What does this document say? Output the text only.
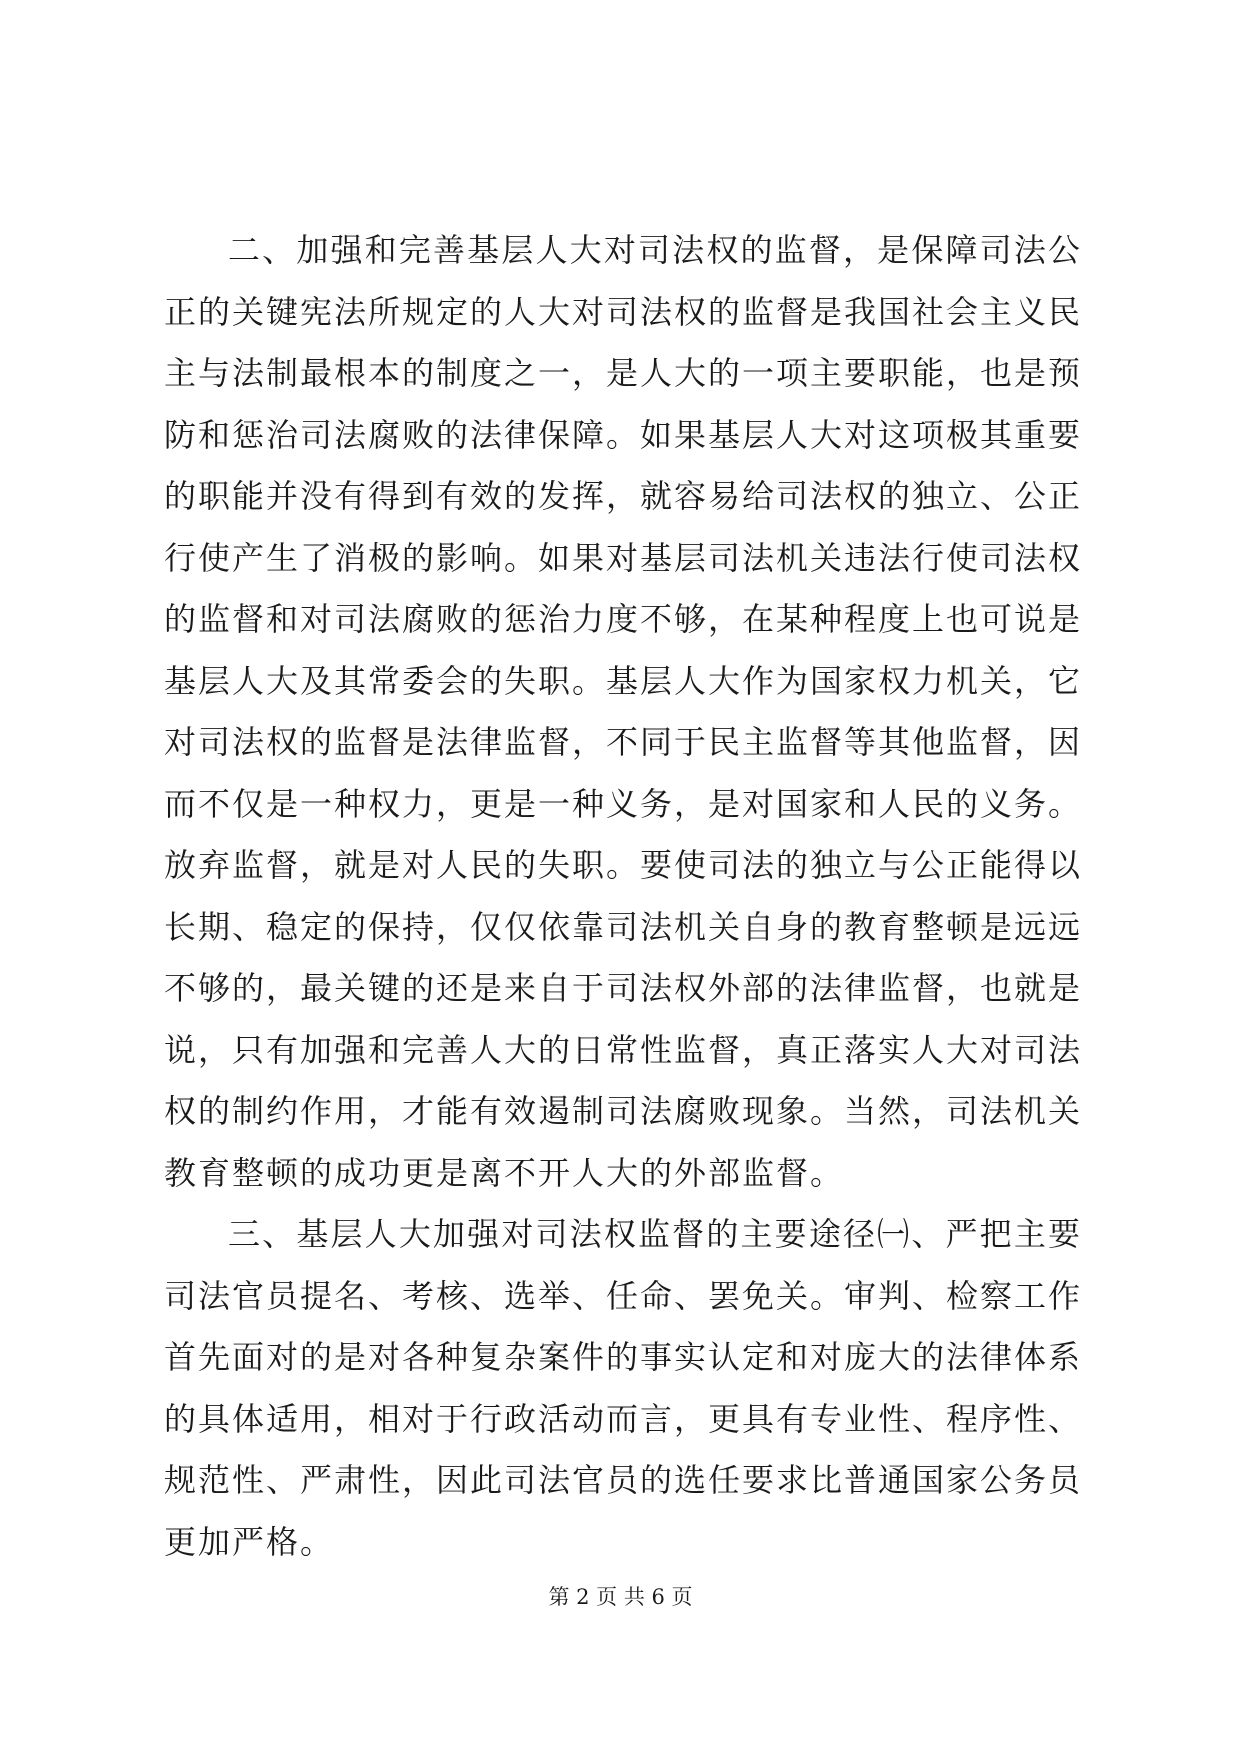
二、加强和完善基层人大对司法权的监督，是保障司法公正的关键宪法所规定的人大对司法权的监督是我国社会主义民主与法制最根本的制度之一，是人大的一项主要职能，也是预防和惩治司法腐败的法律保障。如果基层人大对这项极其重要的职能并没有得到有效的发挥，就容易给司法权的独立、公正行使产生了消极的影响。如果对基层司法机关违法行使司法权的监督和对司法腐败的惩治力度不够，在某种程度上也可说是基层人大及其常委会的失职。基层人大作为国家权力机关，它对司法权的监督是法律监督，不同于民主监督等其他监督，因而不仅是一种权力，更是一种义务，是对国家和人民的义务。放弃监督，就是对人民的失职。要使司法的独立与公正能得以长期、稳定的保持，仅仅依靠司法机关自身的教育整顿是远远不够的，最关键的还是来自于司法权外部的法律监督，也就是说，只有加强和完善人大的日常性监督，真正落实人大对司法权的制约作用，才能有效遏制司法腐败现象。当然，司法机关教育整顿的成功更是离不开人大的外部监督。

三、基层人大加强对司法权监督的主要途径㈠、严把主要司法官员提名、考核、选举、任命、罢免关。审判、检察工作首先面对的是对各种复杂案件的事实认定和对庞大的法律体系的具体适用，相对于行政活动而言，更具有专业性、程序性、规范性、严肃性，因此司法官员的选任要求比普通国家公务员更加严格。

第 2 页 共 6 页
